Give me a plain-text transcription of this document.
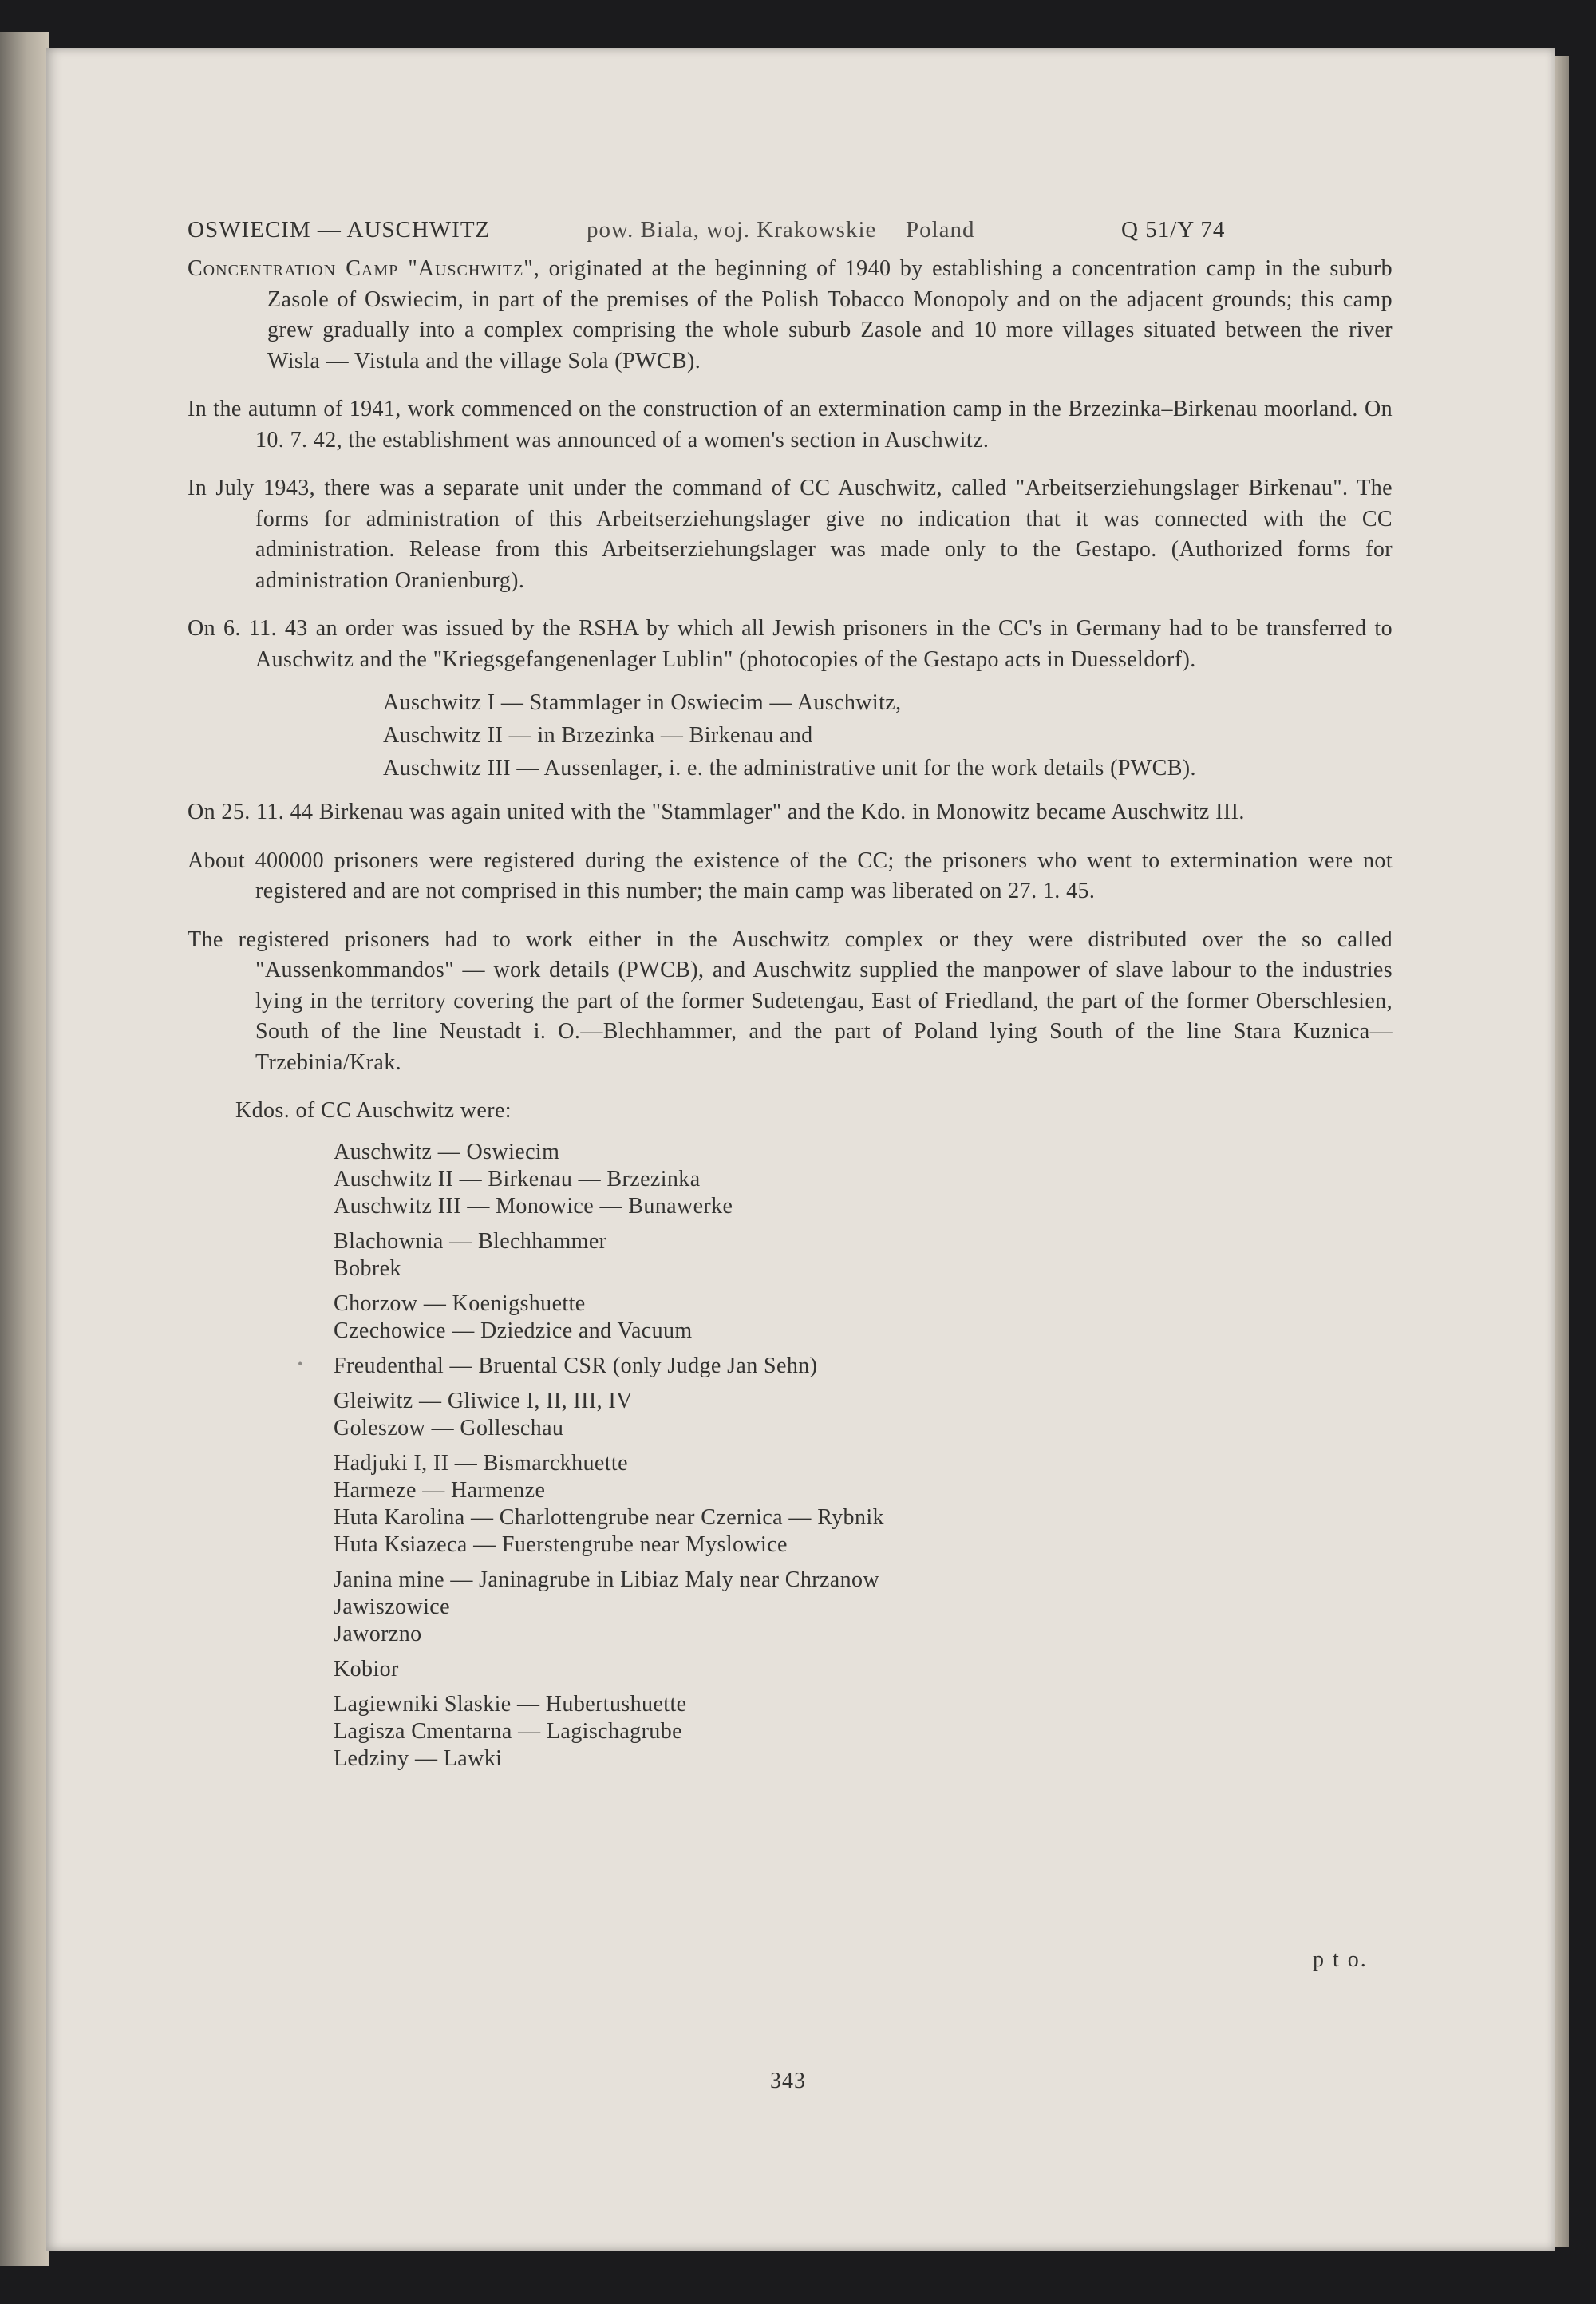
OSWIECIM — AUSCHWITZ	pow. Biala, woj. Krakowskie Poland	Q 51/Y 74

Concentration Camp "Auschwitz", originated at the beginning of 1940 by establishing a concentration camp in the suburb Zasole of Oswiecim, in part of the premises of the Polish Tobacco Monopoly and on the adjacent grounds; this camp grew gradually into a complex comprising the whole suburb Zasole and 10 more villages situated between the river Wisla — Vistula and the village Sola (PWCB).

In the autumn of 1941, work commenced on the construction of an extermination camp in the Brzezinka–Birkenau moorland. On 10. 7. 42, the establishment was announced of a women's section in Auschwitz.

In July 1943, there was a separate unit under the command of CC Auschwitz, called "Arbeitserziehungslager Birkenau". The forms for administration of this Arbeitserziehungslager give no indication that it was connected with the CC administration. Release from this Arbeitserziehungslager was made only to the Gestapo. (Authorized forms for administration Oranienburg).

On 6. 11. 43 an order was issued by the RSHA by which all Jewish prisoners in the CC's in Germany had to be transferred to Auschwitz and the "Kriegsgefangenenlager Lublin" (photocopies of the Gestapo acts in Duesseldorf).

Auschwitz I — Stammlager in Oswiecim — Auschwitz,
Auschwitz II — in Brzezinka — Birkenau and
Auschwitz III — Aussenlager, i. e. the administrative unit for the work details (PWCB).

On 25. 11. 44 Birkenau was again united with the "Stammlager" and the Kdo. in Monowitz became Auschwitz III.

About 400000 prisoners were registered during the existence of the CC; the prisoners who went to extermination were not registered and are not comprised in this number; the main camp was liberated on 27. 1. 45.

The registered prisoners had to work either in the Auschwitz complex or they were distributed over the so called "Aussenkommandos" — work details (PWCB), and Auschwitz supplied the manpower of slave labour to the industries lying in the territory covering the part of the former Sudetengau, East of Friedland, the part of the former Oberschlesien, South of the line Neustadt i. O.—Blechhammer, and the part of Poland lying South of the line Stara Kuznica—Trzebinia/Krak.

Kdos. of CC Auschwitz were:
Auschwitz — Oswiecim
Auschwitz II — Birkenau — Brzezinka
Auschwitz III — Monowice — Bunawerke
Blachownia — Blechhammer
Bobrek
Chorzow — Koenigshuette
Czechowice — Dziedzice and Vacuum
• Freudenthal — Bruental CSR (only Judge Jan Sehn)
Gleiwitz — Gliwice I, II, III, IV
Goleszow — Golleschau
Hadjuki I, II — Bismarckhuette
Harmeze — Harmenze
Huta Karolina — Charlottengrube near Czernica — Rybnik
Huta Ksiazeca — Fuerstengrube near Myslowice
Janina mine — Janinagrube in Libiaz Maly near Chrzanow
Jawiszowice
Jaworzno
Kobior
Lagiewniki Slaskie — Hubertushuette
Lagisza Cmentarna — Lagischagrube
Ledziny — Lawki
p t o.
343
